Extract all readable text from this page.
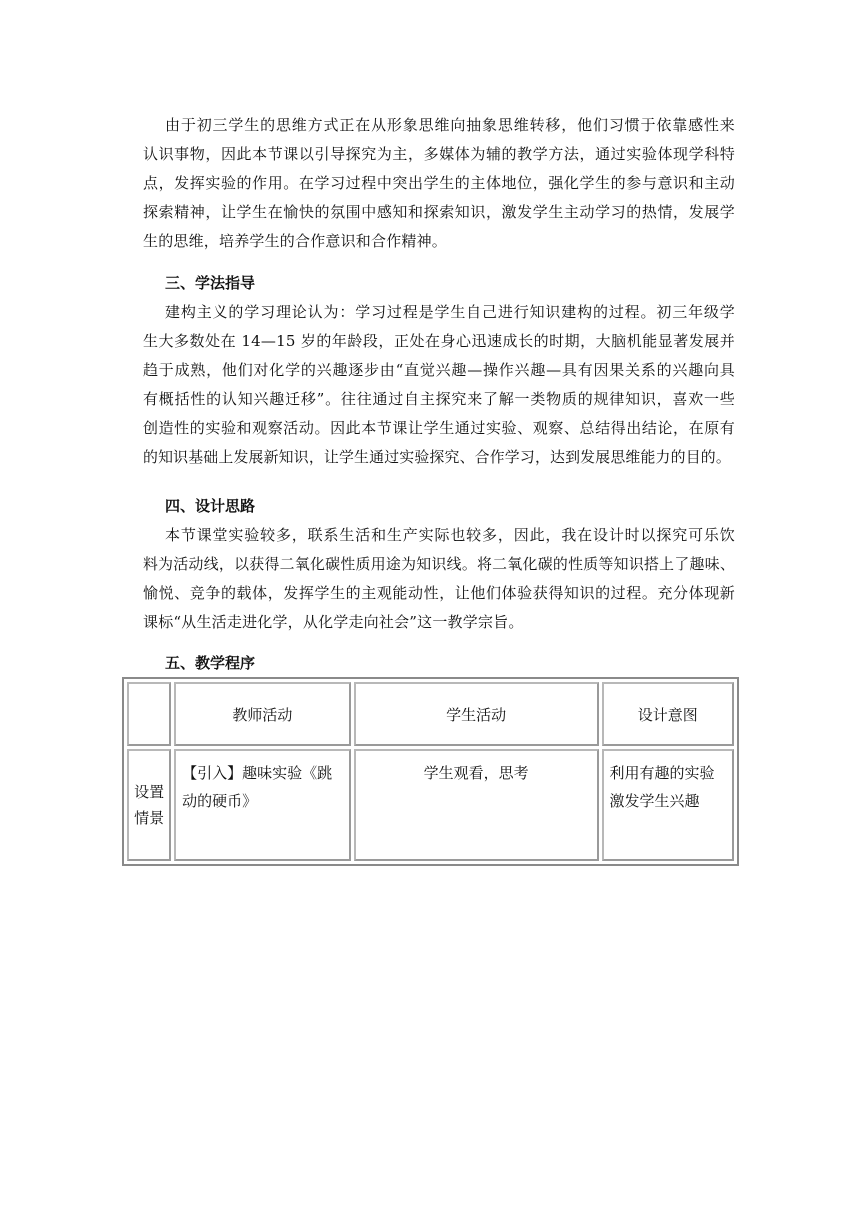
由于初三学生的思维方式正在从形象思维向抽象思维转移，他们习惯于依靠感性来
认识事物，因此本节课以引导探究为主，多媒体为辅的教学方法，通过实验体现学科特
点，发挥实验的作用。在学习过程中突出学生的主体地位，强化学生的参与意识和主动
探索精神，让学生在愉快的氛围中感知和探索知识，激发学生主动学习的热情，发展学
生的思维，培养学生的合作意识和合作精神。
三、学法指导
建构主义的学习理论认为：学习过程是学生自己进行知识建构的过程。初三年级学
生大多数处在 14—15 岁的年龄段，正处在身心迅速成长的时期，大脑机能显著发展并
趋于成熟，他们对化学的兴趣逐步由“直觉兴趣—操作兴趣—具有因果关系的兴趣向具
有概括性的认知兴趣迁移”。往往通过自主探究来了解一类物质的规律知识，喜欢一些
创造性的实验和观察活动。因此本节课让学生通过实验、观察、总结得出结论，在原有
的知识基础上发展新知识，让学生通过实验探究、合作学习，达到发展思维能力的目的。
四、设计思路
本节课堂实验较多，联系生活和生产实际也较多，因此，我在设计时以探究可乐饮
料为活动线，以获得二氧化碳性质用途为知识线。将二氧化碳的性质等知识搭上了趣味、
愉悦、竞争的载体，发挥学生的主观能动性，让他们体验获得知识的过程。充分体现新
课标“从生活走进化学，从化学走向社会”这一教学宗旨。
五、教学程序
	教师活动	学生活动	设计意图
设置情景	【引入】趣味实验《跳动的硬币》	学生观看，思考	利用有趣的实验激发学生兴趣
